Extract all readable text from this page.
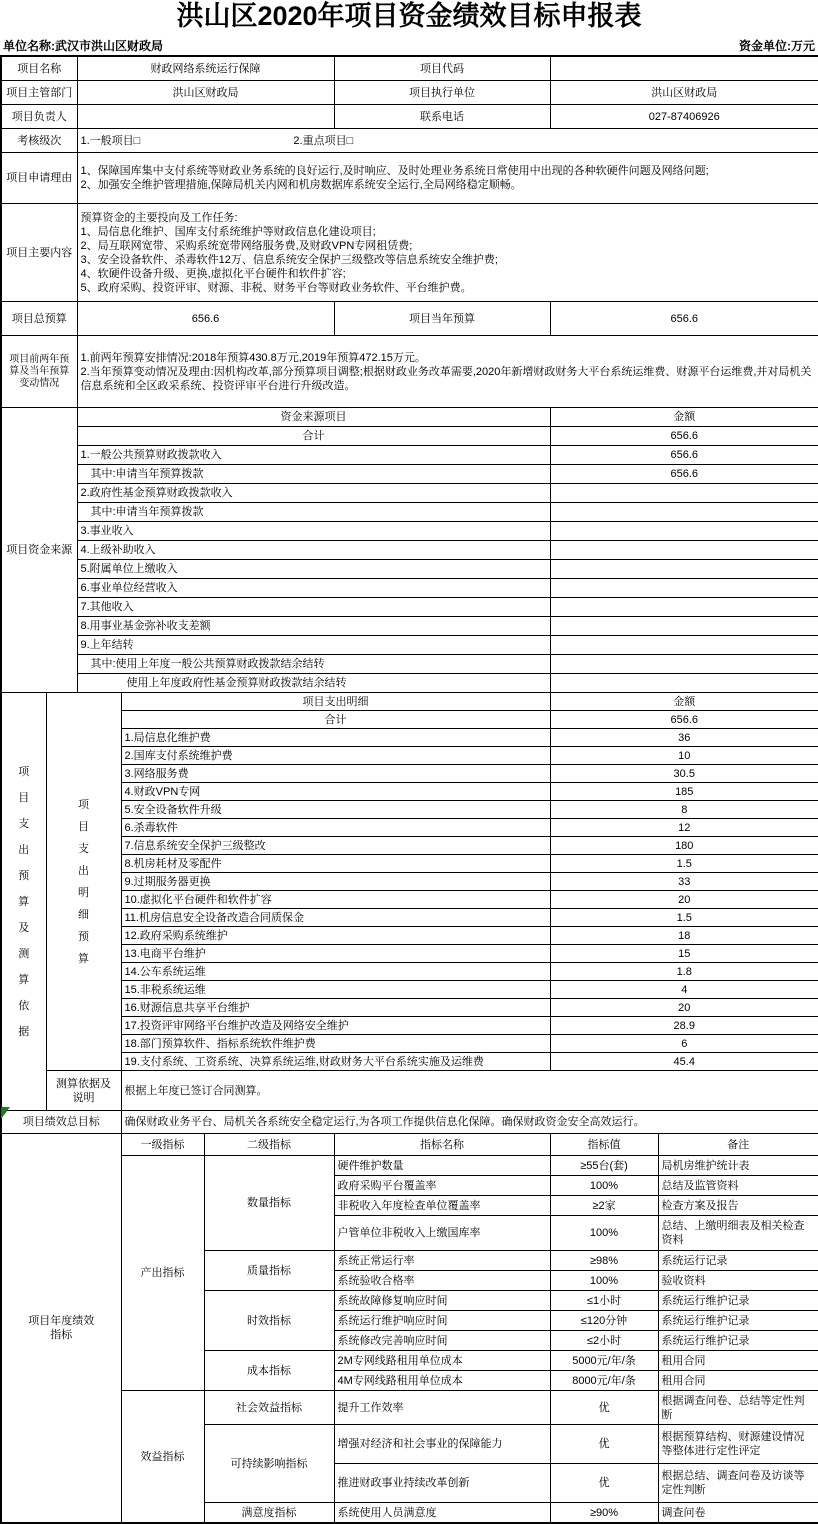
洪山区2020年项目资金绩效目标申报表
单位名称:武汉市洪山区财政局	资金单位:万元
项目名称		财政网络系统运行保障			项目代码		
项目主管部门		洪山区财政局			项目执行单位	洪山区财政局	
项目负责人					联系电话	027-87406926	
考核级次		1.一般项目□ 2.重点项目□					
项目申请理由		1、保障国库集中支付系统等财政业务系统的良好运行,及时响应、及时处理业务系统日常使用中出现的各种软硬件问题及网络问题;
2、加强安全维护管理措施,保障局机关内网和机房数据库系统安全运行,全局网络稳定顺畅。					

项目主要内容	
预算资金的主要投向及工作任务:
1、局信息化维护、国库支付系统维护等财政信息化建设项目;
2、局互联网宽带、采购系统宽带网络服务费,及财政VPN专网租赁费;
3、安全设备软件、杀毒软件12万、信息系统安全保护三级整改等信息系统安全维护费;
4、软硬件设备升级、更换,虚拟化平台硬件和软件扩容;
5、政府采购、投资评审、财源、非税、财务平台等财政业务软件、平台维护费。

项目总预算		656.6			项目当年预算	656.6	
项目前两年预算及当年预算变动情况		1.前两年预算安排情况:2018年预算430.8万元,2019年预算472.15万元。
2.当年预算变动情况及理由:因机构改革,部分预算项目调整;根据财政业务改革需要,2020年新增财政财务大平台系统运维费、财源平台运维费,并对局机关信息系统和全区政采系统、投资评审平台进行升级改造。					

项目资金来源		资金来源项目				金额	
		合计				656.6	
		1.一般公共预算财政拨款收入				656.6	
		其中:申请当年预算拨款				656.6	
		2.政府性基金预算财政拨款收入					
		其中:申请当年预算拨款					
		3.事业收入					
		4.上级补助收入					
		5.附属单位上缴收入					
		6.事业单位经营收入					
		7.其他收入					
		8.用事业基金弥补收支差额					
		9.上年结转					
		其中:使用上年度一般公共预算财政拨款结余结转					
		使用上年度政府性基金预算财政拨款结余结转					

项目支出预算及测算依据	项目支出明细预算		项目支出明细			金额	
			合计			656.6	
			1.局信息化维护费			36	
			2.国库支付系统维护费			10	
			3.网络服务费			30.5	
			4.财政VPN专网			185	
			5.安全设备软件升级			8	
			6.杀毒软件			12	
			7.信息系统安全保护三级整改			180	
			8.机房耗材及零配件			1.5	
			9.过期服务器更换			33	
			10.虚拟化平台硬件和软件扩容			20	
			11.机房信息安全设备改造合同质保金			1.5	
			12.政府采购系统维护			18	
			13.电商平台维护			15	
			14.公车系统运维			1.8	
			15.非税系统运维			4	
			16.财源信息共享平台维护			20	
			17.投资评审网络平台维护改造及网络安全维护			28.9	
			18.部门预算软件、指标系统软件维护费			6	
			19.支付系统、工资系统、决算系统运维,财政财务大平台系统实施及运维费			45.4	

	测算依据及说明		根据上年度已签订合同测算。				
项目绩效总目标			确保财政业务平台、局机关各系统安全稳定运行,为各项工作提供信息化保障。确保财政资金安全高效运行。				

项目年度绩效指标			一级指标	二级指标	指标名称	指标值	备注
			产出指标	数量指标	硬件维护数量	≥55台(套)	局机房维护统计表
					政府采购平台覆盖率	100%	总结及监管资料
					非税收入年度检查单位覆盖率	≥2家	检查方案及报告
					户管单位非税收入上缴国库率	100%	总结、上缴明细表及相关检查资料
				质量指标	系统正常运行率	≥98%	系统运行记录
					系统验收合格率	100%	验收资料
				时效指标	系统故障修复响应时间	≤1小时	系统运行维护记录
					系统运行维护响应时间	≤120分钟	系统运行维护记录
					系统修改完善响应时间	≤2小时	系统运行维护记录
				成本指标	2M专网线路租用单位成本	5000元/年/条	租用合同
					4M专网线路租用单位成本	8000元/年/条	租用合同
			效益指标	社会效益指标	提升工作效率	优	根据调查问卷、总结等定性判断
				可持续影响指标	增强对经济和社会事业的保障能力	优	根据预算结构、财源建设情况等整体进行定性评定
					推进财政事业持续改革创新	优	根据总结、调查问卷及访谈等定性判断
				满意度指标	系统使用人员满意度	≥90%	调查问卷
